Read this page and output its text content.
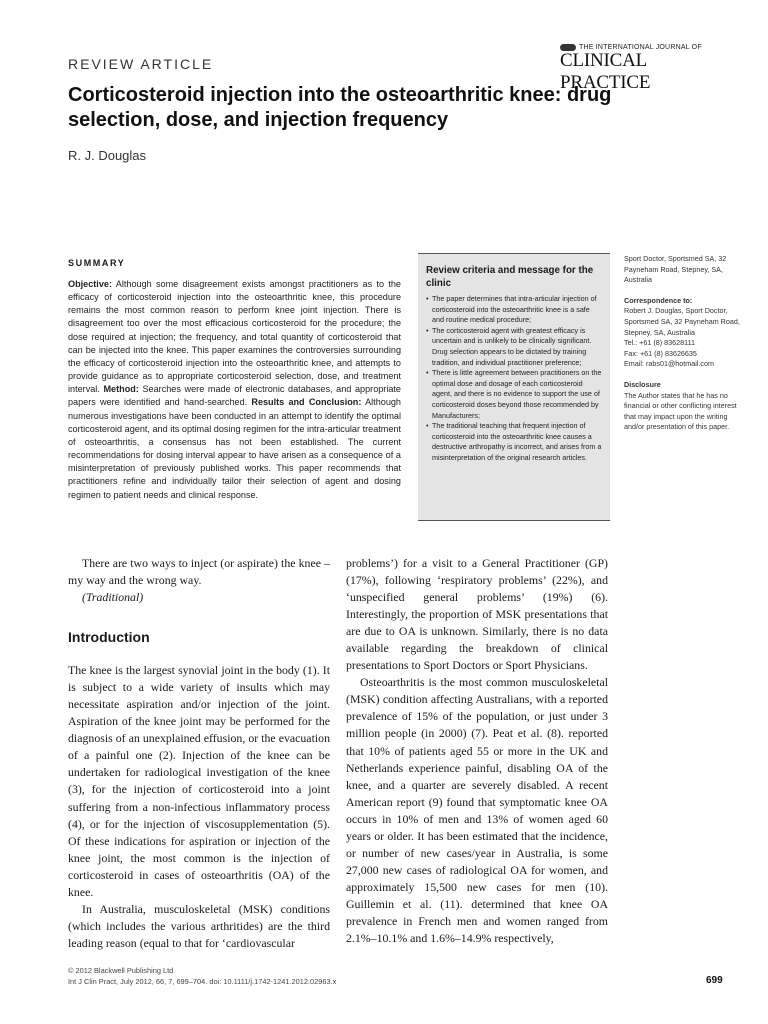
REVIEW ARTICLE
THE INTERNATIONAL JOURNAL OF
CLINICAL PRACTICE
Corticosteroid injection into the osteoarthritic knee: drug selection, dose, and injection frequency
R. J. Douglas
SUMMARY
Objective: Although some disagreement exists amongst practitioners as to the efficacy of corticosteroid injection into the osteoarthritic knee, this procedure remains the most common reason to perform knee joint injection. There is disagreement too over the most efficacious corticosteroid for the procedure; the dose required at injection; the frequency, and total quantity of corticosteroid that can be injected into the knee. This paper examines the controversies surrounding the efficacy of corticosteroid injection into the osteoarthritic knee, and attempts to provide guidance as to appropriate corticosteroid selection, dose, and treatment interval. Method: Searches were made of electronic databases, and appropriate papers were identified and hand-searched. Results and Conclusion: Although numerous investigations have been conducted in an attempt to identify the optimal corticosteroid agent, and its optimal dosing regimen for the intra-articular treatment of osteoarthritis, a consensus has not been established. The current recommendations for dosing interval appear to have arisen as a consequence of a misinterpretation of previously published works. This paper recommends that practitioners refine and individually tailor their selection of agent and dosing regimen to patient needs and clinical response.
Review criteria and message for the clinic
• The paper determines that intra-articular injection of corticosteroid into the osteoarthritic knee is a safe and routine medical procedure;
• The corticosteroid agent with greatest efficacy is uncertain and is unlikely to be clinically significant. Drug selection appears to be dictated by training tradition, and individual practitioner preference;
• There is little agreement between practitioners on the optimal dose and dosage of each corticosteroid agent, and there is no evidence to support the use of corticosteroid doses beyond those recommended by Manufacturers;
• The traditional teaching that frequent injection of corticosteroid into the osteoarthritic knee causes a destructive arthropathy is incorrect, and arises from a misinterpretation of the original research articles.
Sport Doctor, Sportsmed SA, 32 Payneham Road, Stepney, SA, Australia
Correspondence to:
Robert J. Douglas, Sport Doctor, Sportsmed SA, 32 Payneham Road, Stepney, SA, Australia
Tel.: +61 (8) 83628111
Fax: +61 (8) 83626635
Email: rabs01@hotmail.com
Disclosure
The Author states that he has no financial or other conflicting interest that may impact upon the writing and/or presentation of this paper.

There are two ways to inject (or aspirate) the knee – my way and the wrong way.

(Traditional)
Introduction

The knee is the largest synovial joint in the body (1). It is subject to a wide variety of insults which may necessitate aspiration and/or injection of the joint. Aspiration of the knee joint may be performed for the diagnosis of an unexplained effusion, or the evacuation of a painful one (2). Injection of the knee can be undertaken for radiological investigation of the knee (3), for the injection of corticosteroid into a joint suffering from a non-infectious inflammatory process (4), or for the injection of viscosupplementation (5). Of these indications for aspiration or injection of the knee joint, the most common is the injection of corticosteroid in cases of osteoarthritis (OA) of the knee.

In Australia, musculoskeletal (MSK) conditions (which includes the various arthritides) are the third leading reason (equal to that for ‘cardiovascular

problems’) for a visit to a General Practitioner (GP) (17%), following ‘respiratory problems’ (22%), and ‘unspecified general problems’ (19%) (6). Interestingly, the proportion of MSK presentations that are due to OA is unknown. Similarly, there is no data available regarding the breakdown of clinical presentations to Sport Doctors or Sport Physicians.

Osteoarthritis is the most common musculoskeletal (MSK) condition affecting Australians, with a reported prevalence of 15% of the population, or just under 3 million people (in 2000) (7). Peat et al. (8). reported that 10% of patients aged 55 or more in the UK and Netherlands experience painful, disabling OA of the knee, and a quarter are severely disabled. A recent American report (9) found that symptomatic knee OA occurs in 10% of men and 13% of women aged 60 years or older. It has been estimated that the incidence, or number of new cases/year in Australia, is some 27,000 new cases of radiological OA for women, and approximately 15,500 new cases for men (10). Guillemin et al. (11). determined that knee OA prevalence in French men and women ranged from 2.1%–10.1% and 1.6%–14.9% respectively,

© 2012 Blackwell Publishing Ltd
Int J Clin Pract, July 2012, 66, 7, 699–704. doi: 10.1111/j.1742-1241.2012.02963.x	699
